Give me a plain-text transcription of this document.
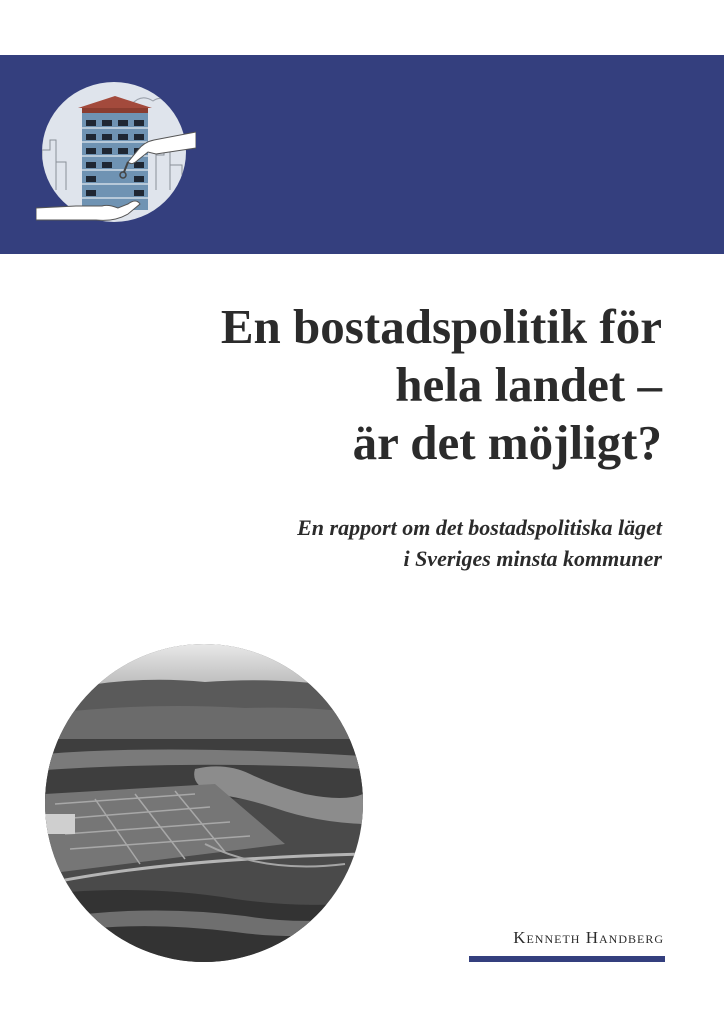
En bostadspolitik för
hela landet –
är det möjligt?

En rapport om det bostadspolitiska läget
i Sveriges minsta kommuner

Kenneth Handberg
